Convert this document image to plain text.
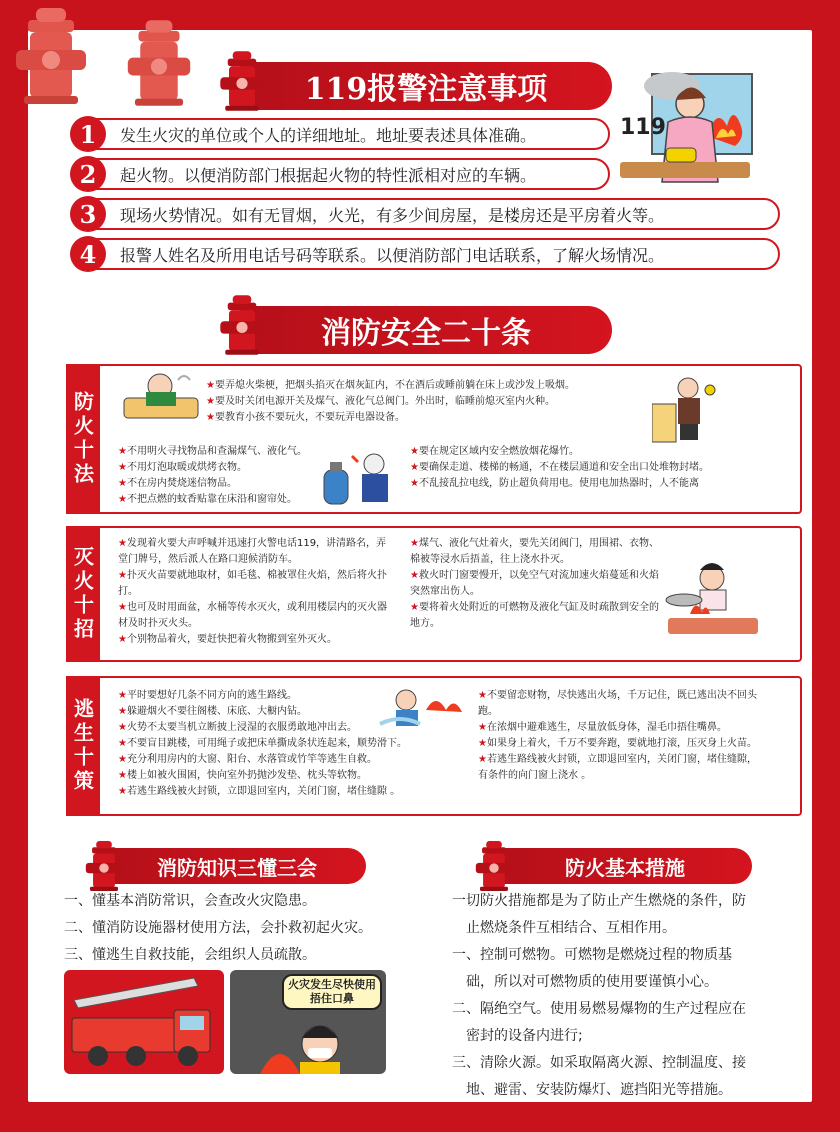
119报警注意事项
119
1	发生火灾的单位或个人的详细地址。地址要表述具体准确。
2	起火物。以便消防部门根据起火物的特性派相对应的车辆。
3	现场火势情况。如有无冒烟，火光，有多少间房屋，是楼房还是平房着火等。
4	报警人姓名及所用电话号码等联系。以便消防部门电话联系，了解火场情况。
消防安全二十条
防火十法
★要弄熄火柴梗，把烟头掐灭在烟灰缸内，不在酒后或睡前躺在床上或沙发上吸烟。
★要及时关闭电源开关及煤气、液化气总阀门。外出时，临睡前熄灭室内火种。
★要教育小孩不要玩火，不要玩弄电器设备。
★不用明火寻找物品和查漏煤气、液化气。
★不用灯泡取暖或烘烤衣物。
★不在房内焚烧迷信物品。
★不把点燃的蚊香贴靠在床沿和窗帘处。
★要在规定区域内安全燃放烟花爆竹。
★要确保走道、楼梯的畅通，不在楼层通道和安全出口处堆物封堵。
★不乱接乱拉电线，防止超负荷用电。使用电加热器时，人不能离
灭火十招
★发现着火要大声呼喊并迅速打火警电话119，讲清路名，弄堂门牌号，然后派人在路口迎候消防车。
★扑灭火苗要就地取材，如毛毯、棉被罩住火焰，然后将火扑打。
★也可及时用面盆，水桶等传水灭火，或利用楼层内的灭火器材及时扑灭火头。
★个别物品着火，要赶快把着火物搬到室外灭火。
★煤气、液化气灶着火，要先关闭阀门，用围裙、衣物、棉被等浸水后捂盖，往上浇水扑灭。
★救火时门窗要慢开，以免空气对流加速火焰蔓延和火焰突然窜出伤人。
★要将着火处附近的可燃物及液化气缸及时疏散到安全的地方。
逃生十策
★平时要想好几条不同方向的逃生路线。
★躲避烟火不要往阁楼、床底、大橱内钻。
★火势不太要当机立断披上浸湿的衣服勇敢地冲出去。
★不要盲目跳楼，可用绳子或把床单撕成条状连起来，顺势滑下。
★充分利用房内的大窗、阳台、水落管或竹竿等逃生自救。
★楼上如被火围困，快向室外扔抛沙发垫、枕头等软物。
★若逃生路线被火封锁，立即退回室内，关闭门窗，堵住缝隙 。
★不要留恋财物，尽快逃出火场，千万记住，既已逃出决不回头跑。
★在浓烟中避难逃生，尽量放低身体，湿毛巾捂住嘴鼻。
★如果身上着火，千万不要奔跑，要就地打滚，压灭身上火苗。
★若逃生路线被火封锁，立即退回室内，关闭门窗，堵住缝隙，有条件的向门窗上浇水 。
消防知识三懂三会
一、懂基本消防常识，会查改火灾隐患。
二、懂消防设施器材使用方法，会扑救初起火灾。
三、懂逃生自救技能，会组织人员疏散。
火灾发生尽快使用捂住口鼻
防火基本措施
一切防火措施都是为了防止产生燃烧的条件，防
止燃烧条件互相结合、互相作用。
一、控制可燃物。可燃物是燃烧过程的物质基
础，所以对可燃物质的使用要谨慎小心。
二、隔绝空气。使用易燃易爆物的生产过程应在
密封的设备内进行;
三、清除火源。如采取隔离火源、控制温度、接
地、避雷、安装防爆灯、遮挡阳光等措施。
